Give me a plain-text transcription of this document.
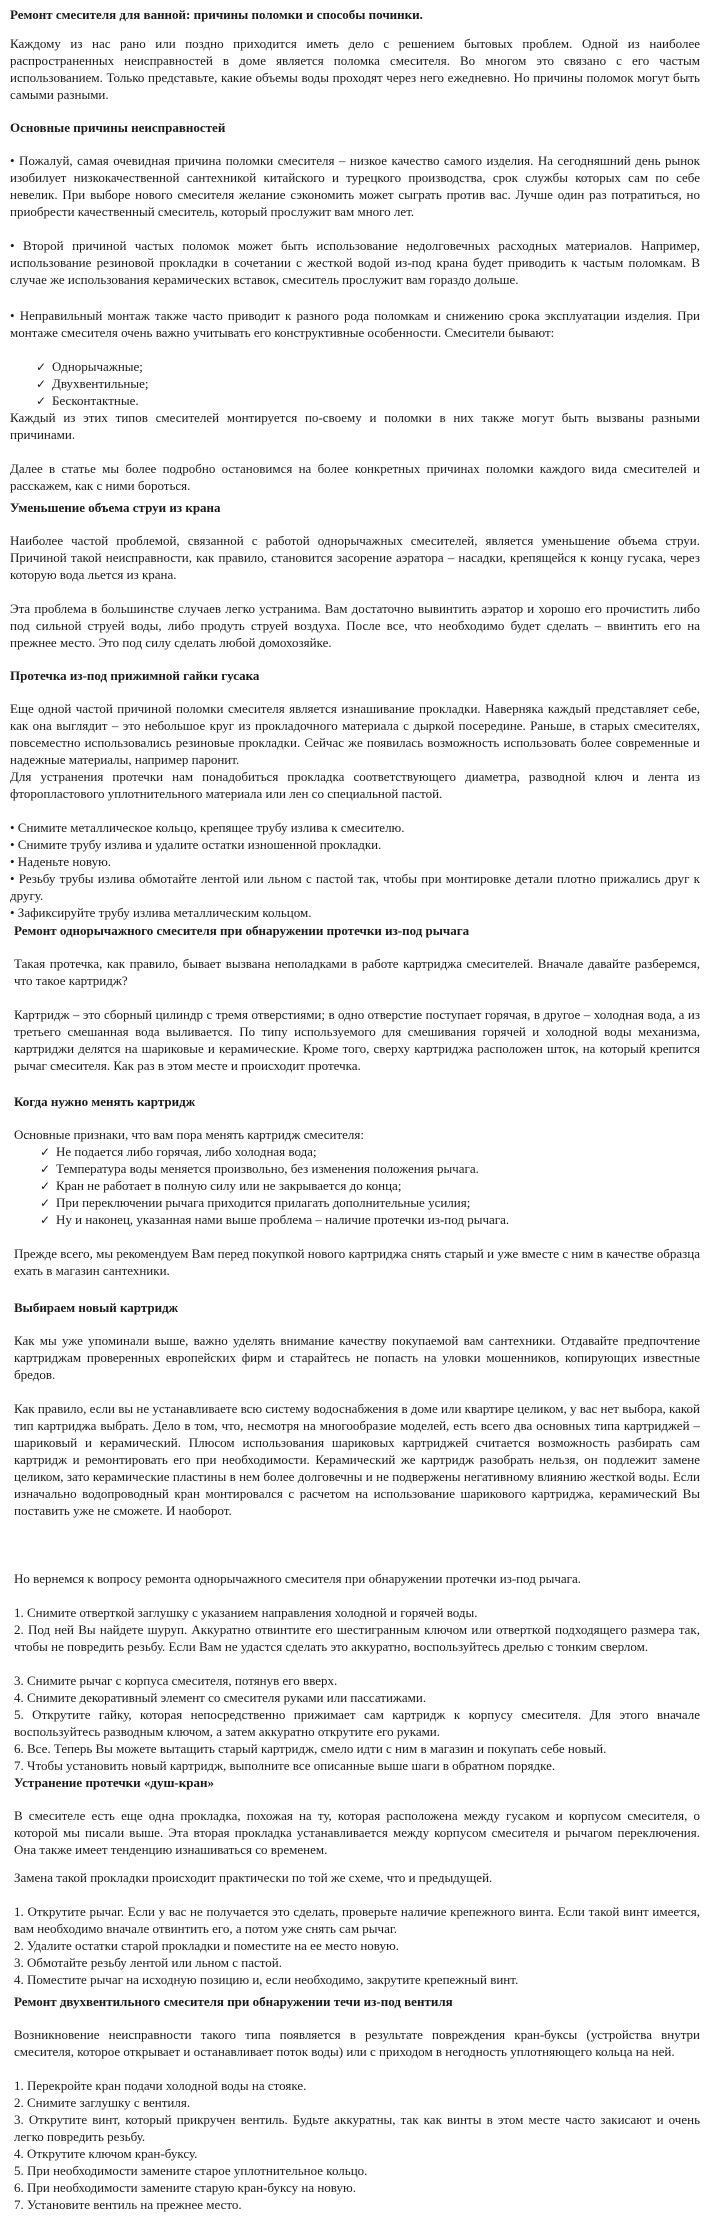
Ремонт смесителя для ванной: причины поломки и способы починки.

Каждому из нас рано или поздно приходится иметь дело с решением бытовых проблем. Одной из наиболее распространенных неисправностей в доме является поломка смесителя. Во многом это связано с его частым использованием. Только представьте, какие объемы воды проходят через него ежедневно. Но причины поломок могут быть самыми разными.

Основные причины неисправностей

• Пожалуй, самая очевидная причина поломки смесителя – низкое качество самого изделия. На сегодняшний день рынок изобилует низкокачественной сантехникой китайского и турецкого производства, срок службы которых сам по себе невелик. При выборе нового смесителя желание сэкономить может сыграть против вас. Лучше один раз потратиться, но приобрести качественный смеситель, который прослужит вам много лет.

• Второй причиной частых поломок может быть использование недолговечных расходных материалов. Например, использование резиновой прокладки в сочетании с жесткой водой из-под крана будет приводить к частым поломкам. В случае же использования керамических вставок, смеситель прослужит вам гораздо дольше.

• Неправильный монтаж также часто приводит к разного рода поломкам и снижению срока эксплуатации изделия. При монтаже смесителя очень важно учитывать его конструктивные особенности. Смесители бывают:

✓ Однорычажные;

✓ Двухвентильные;

✓ Бесконтактные.

Каждый из этих типов смесителей монтируется по-своему и поломки в них также могут быть вызваны разными причинами.

Далее в статье мы более подробно остановимся на более конкретных причинах поломки каждого вида смесителей и расскажем, как с ними бороться.

Уменьшение объема струи из крана

Наиболее частой проблемой, связанной с работой однорычажных смесителей, является уменьшение объема струи. Причиной такой неисправности, как правило, становится засорение аэратора – насадки, крепящейся к концу гусака, через которую вода льется из крана.

Эта проблема в большинстве случаев легко устранима. Вам достаточно вывинтить аэратор и хорошо его прочистить либо под сильной струей воды, либо продуть струей воздуха. После все, что необходимо будет сделать – ввинтить его на прежнее место. Это под силу сделать любой домохозяйке.

Протечка из-под прижимной гайки гусака

Еще одной частой причиной поломки смесителя является изнашивание прокладки. Наверняка каждый представляет себе, как она выглядит – это небольшое круг из прокладочного материала с дыркой посередине. Раньше, в старых смесителях, повсеместно использовались резиновые прокладки. Сейчас же появилась возможность использовать более современные и надежные материалы, например паронит.

Для устранения протечки нам понадобиться прокладка соответствующего диаметра, разводной ключ и лента из фторопластового уплотнительного материала или лен со специальной пастой.

• Снимите металлическое кольцо, крепящее трубу излива к смесителю.

• Снимите трубу излива и удалите остатки изношенной прокладки.

• Наденьте новую.

• Резьбу трубы излива обмотайте лентой или льном с пастой так, чтобы при монтировке детали плотно прижались друг к другу.

• Зафиксируйте трубу излива металлическим кольцом.

Ремонт однорычажного смесителя при обнаружении протечки из-под рычага

Такая протечка, как правило, бывает вызвана неполадками в работе картриджа смесителей. Вначале давайте разберемся, что такое картридж?

Картридж – это сборный цилиндр с тремя отверстиями; в одно отверстие поступает горячая, в другое – холодная вода, а из третьего смешанная вода выливается. По типу используемого для смешивания горячей и холодной воды механизма, картриджи делятся на шариковые и керамические. Кроме того, сверху картриджа расположен шток, на который крепится рычаг смесителя. Как раз в этом месте и происходит протечка.

Когда нужно менять картридж

Основные признаки, что вам пора менять картридж смесителя:

✓ Не подается либо горячая, либо холодная вода;

✓ Температура воды меняется произвольно, без изменения положения рычага.

✓ Кран не работает в полную силу или не закрывается до конца;

✓ При переключении рычага приходится прилагать дополнительные усилия;

✓ Ну и наконец, указанная нами выше проблема – наличие протечки из-под рычага.

Прежде всего, мы рекомендуем Вам перед покупкой нового картриджа снять старый и уже вместе с ним в качестве образца ехать в магазин сантехники.

Выбираем новый картридж

Как мы уже упоминали выше, важно уделять внимание качеству покупаемой вам сантехники. Отдавайте предпочтение картриджам проверенных европейских фирм и старайтесь не попасть на уловки мошенников, копирующих известные бредов.

Как правило, если вы не устанавливаете всю систему водоснабжения в доме или квартире целиком, у вас нет выбора, какой тип картриджа выбрать. Дело в том, что, несмотря на многообразие моделей, есть всего два основных типа картриджей – шариковый и керамический. Плюсом использования шариковых картриджей считается возможность разбирать сам картридж и ремонтировать его при необходимости. Керамический же картридж разобрать нельзя, он подлежит замене целиком, зато керамические пластины в нем более долговечны и не подвержены негативному влиянию жесткой воды. Если изначально водопроводный кран монтировался с расчетом на использование шарикового картриджа, керамический Вы поставить уже не сможете. И наоборот.

Но вернемся к вопросу ремонта однорычажного смесителя при обнаружении протечки из-под рычага.

1. Снимите отверткой заглушку с указанием направления холодной и горячей воды.

2. Под ней Вы найдете шуруп. Аккуратно отвинтите его шестигранным ключом или отверткой подходящего размера так, чтобы не повредить резьбу. Если Вам не удастся сделать это аккуратно, воспользуйтесь дрелью с тонким сверлом.

3. Снимите рычаг с корпуса смесителя, потянув его вверх.

4. Снимите декоративный элемент со смесителя руками или пассатижами.

5. Открутите гайку, которая непосредственно прижимает сам картридж к корпусу смесителя. Для этого вначале воспользуйтесь разводным ключом, а затем аккуратно открутите его руками.

6. Все. Теперь Вы можете вытащить старый картридж, смело идти с ним в магазин и покупать себе новый.

7. Чтобы установить новый картридж, выполните все описанные выше шаги в обратном порядке.

Устранение протечки «душ-кран»

В смесителе есть еще одна прокладка, похожая на ту, которая расположена между гусаком и корпусом смесителя, о которой мы писали выше. Эта вторая прокладка устанавливается между корпусом смесителя и рычагом переключения. Она также имеет тенденцию изнашиваться со временем.

Замена такой прокладки происходит практически по той же схеме, что и предыдущей.

1. Открутите рычаг. Если у вас не получается это сделать, проверьте наличие крепежного винта. Если такой винт имеется, вам необходимо вначале отвинтить его, а потом уже снять сам рычаг.

2. Удалите остатки старой прокладки и поместите на ее место новую.

3. Обмотайте резьбу лентой или льном с пастой.

4. Поместите рычаг на исходную позицию и, если необходимо, закрутите крепежный винт.

Ремонт двухвентильного смесителя при обнаружении течи из-под вентиля

Возникновение неисправности такого типа появляется в результате повреждения кран-буксы (устройства внутри смесителя, которое открывает и останавливает поток воды) или с приходом в негодность уплотняющего кольца на ней.

1. Перекройте кран подачи холодной воды на стояке.

2. Снимите заглушку с вентиля.

3. Открутите винт, который прикручен вентиль. Будьте аккуратны, так как винты в этом месте часто закисают и очень легко повредить резьбу.

4. Открутите ключом кран-буксу.

5. При необходимости замените старое уплотнительное кольцо.

6. При необходимости замените старую кран-буксу на новую.

7. Установите вентиль на прежнее место.
